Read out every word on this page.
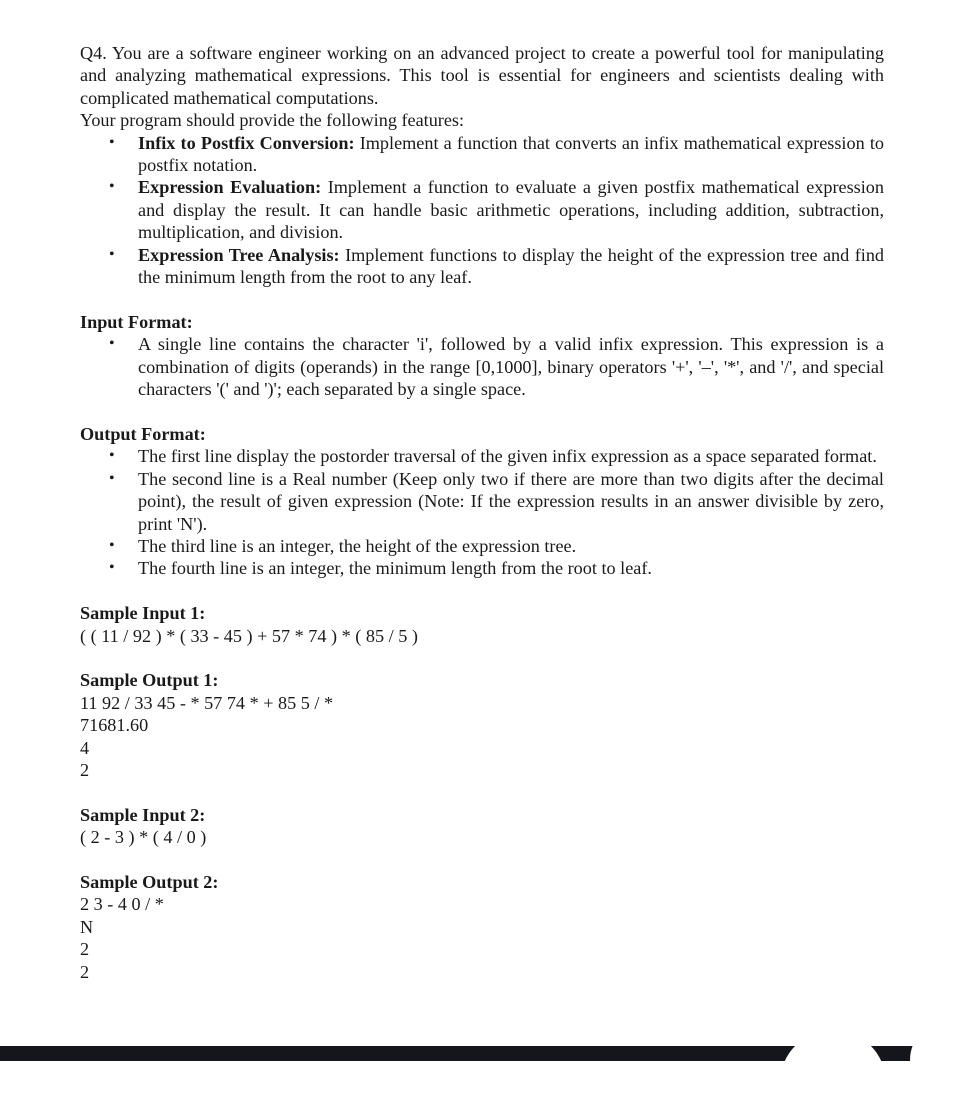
Q4. You are a software engineer working on an advanced project to create a powerful tool for manipulating and analyzing mathematical expressions. This tool is essential for engineers and scientists dealing with complicated mathematical computations.

Your program should provide the following features:

• Infix to Postfix Conversion: Implement a function that converts an infix mathematical expression to postfix notation.
• Expression Evaluation: Implement a function to evaluate a given postfix mathematical expression and display the result. It can handle basic arithmetic operations, including addition, subtraction, multiplication, and division.
• Expression Tree Analysis: Implement functions to display the height of the expression tree and find the minimum length from the root to any leaf.

Input Format:

• A single line contains the character 'i', followed by a valid infix expression. This expression is a combination of digits (operands) in the range [0,1000], binary operators '+', '–', '*', and '/', and special characters '(' and ')'; each separated by a single space.

Output Format:

• The first line display the postorder traversal of the given infix expression as a space separated format.
• The second line is a Real number (Keep only two if there are more than two digits after the decimal point), the result of given expression (Note: If the expression results in an answer divisible by zero, print 'N').
• The third line is an integer, the height of the expression tree.
• The fourth line is an integer, the minimum length from the root to leaf.

Sample Input 1:

( ( 11 / 92 ) * ( 33 - 45 ) + 57 * 74 ) * ( 85 / 5 )

Sample Output 1:

11 92 / 33 45 - * 57 74 * + 85 5 / *

71681.60

4

2

Sample Input 2:

( 2 - 3 ) * ( 4 / 0 )

Sample Output 2:

2 3 - 4 0 / *

N

2

2
